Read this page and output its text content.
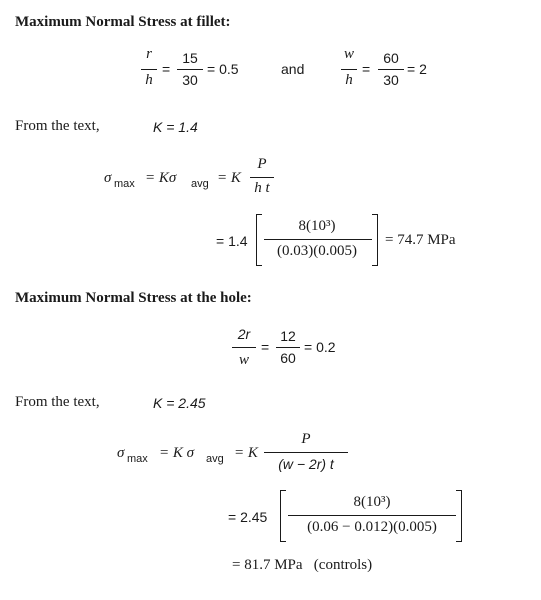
Maximum Normal Stress at fillet:
r
h
=
15
30
= 0.5	and
w
h
=
60
30
= 2
From the text,	K = 1.4
σ max = Kσ avg = K
P
h t
= 1.4
8(10³)
(0.03)(0.005)
= 74.7 MPa
Maximum Normal Stress at the hole:
2r
w
=
12
60
= 0.2
From the text,	K = 2.45
σ max = K σ avg = K
P
(w − 2r) t
= 2.45
8(10³)
(0.06 − 0.012)(0.005)
= 81.7 MPa   (controls)
